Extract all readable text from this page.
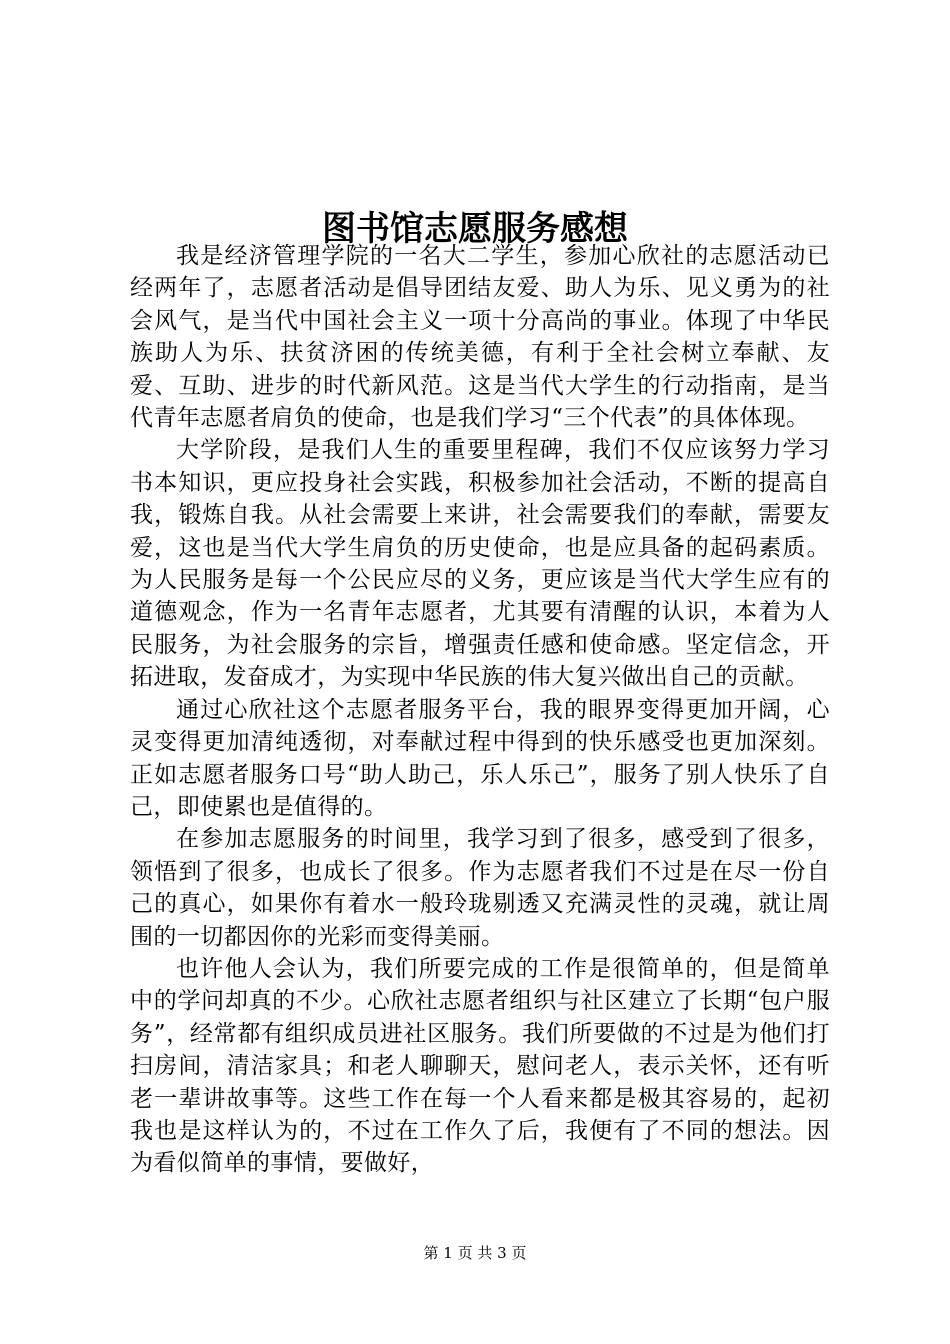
图书馆志愿服务感想

我是经济管理学院的一名大二学生，参加心欣社的志愿活动已经两年了，志愿者活动是倡导团结友爱、助人为乐、见义勇为的社会风气，是当代中国社会主义一项十分高尚的事业。体现了中华民族助人为乐、扶贫济困的传统美德，有利于全社会树立奉献、友爱、互助、进步的时代新风范。这是当代大学生的行动指南，是当代青年志愿者肩负的使命，也是我们学习“三个代表”的具体体现。

大学阶段，是我们人生的重要里程碑，我们不仅应该努力学习书本知识，更应投身社会实践，积极参加社会活动，不断的提高自我，锻炼自我。从社会需要上来讲，社会需要我们的奉献，需要友爱，这也是当代大学生肩负的历史使命，也是应具备的起码素质。为人民服务是每一个公民应尽的义务，更应该是当代大学生应有的道德观念，作为一名青年志愿者，尤其要有清醒的认识，本着为人民服务，为社会服务的宗旨，增强责任感和使命感。坚定信念，开拓进取，发奋成才，为实现中华民族的伟大复兴做出自己的贡献。

通过心欣社这个志愿者服务平台，我的眼界变得更加开阔，心灵变得更加清纯透彻，对奉献过程中得到的快乐感受也更加深刻。正如志愿者服务口号“助人助己，乐人乐己”，服务了别人快乐了自己，即使累也是值得的。

在参加志愿服务的时间里，我学习到了很多，感受到了很多，领悟到了很多，也成长了很多。作为志愿者我们不过是在尽一份自己的真心，如果你有着水一般玲珑剔透又充满灵性的灵魂，就让周围的一切都因你的光彩而变得美丽。

也许他人会认为，我们所要完成的工作是很简单的，但是简单中的学问却真的不少。心欣社志愿者组织与社区建立了长期“包户服务”，经常都有组织成员进社区服务。我们所要做的不过是为他们打扫房间，清洁家具；和老人聊聊天，慰问老人，表示关怀，还有听老一辈讲故事等。这些工作在每一个人看来都是极其容易的，起初我也是这样认为的，不过在工作久了后，我便有了不同的想法。因为看似简单的事情，要做好，

第 1 页 共 3 页
